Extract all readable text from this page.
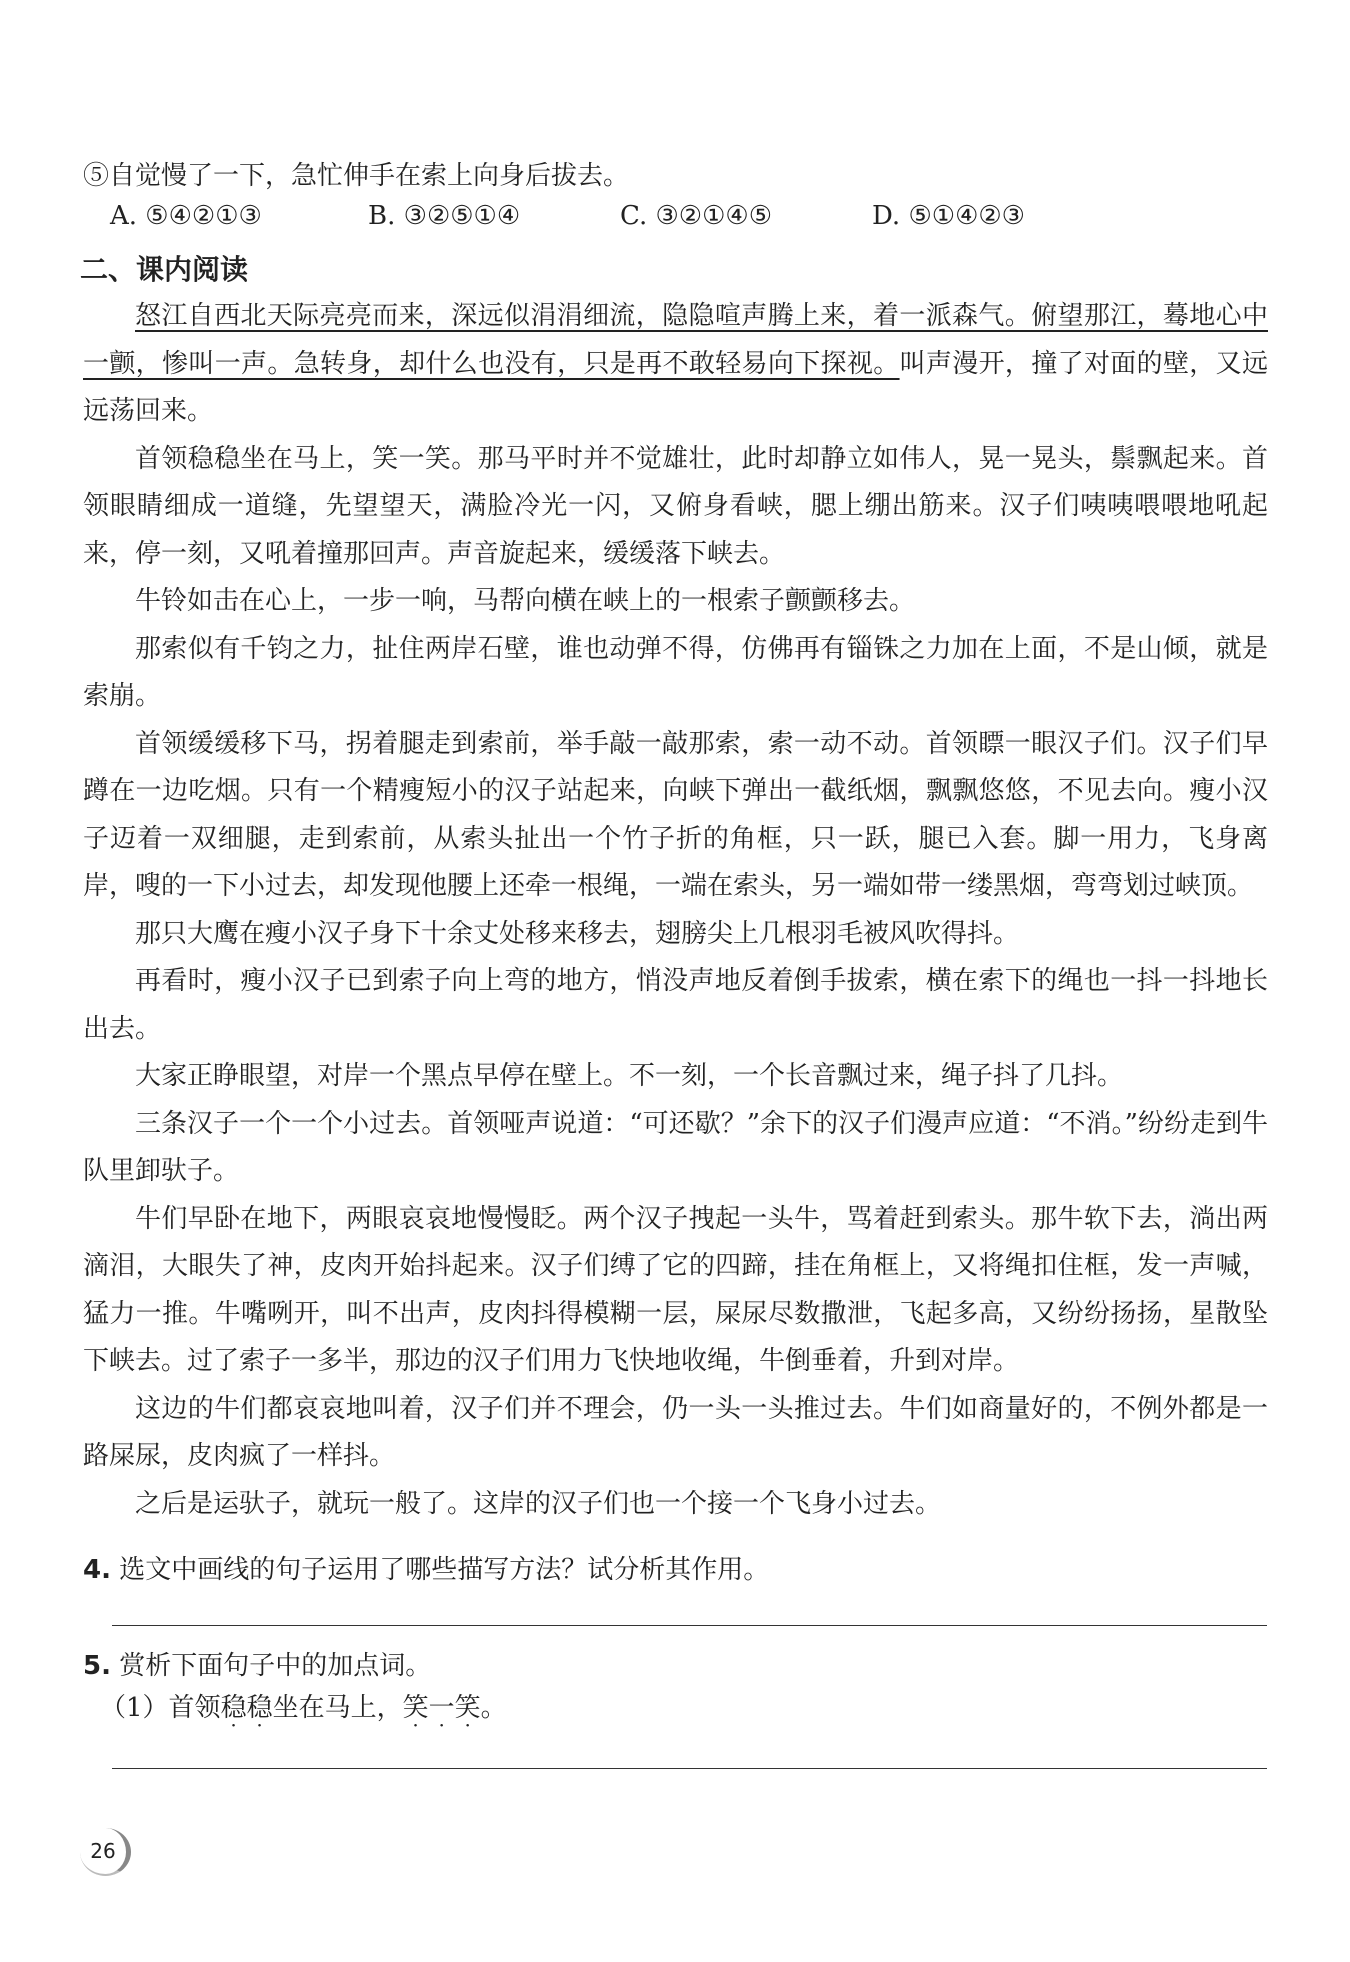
⑤自觉慢了一下，急忙伸手在索上向身后拔去。
A. ⑤④②①③	B. ③②⑤①④	C. ③②①④⑤	D. ⑤①④②③
二、课内阅读

怒江自西北天际亮亮而来，深远似涓涓细流，隐隐喧声腾上来，着一派森气。俯望那江，蓦地心中一颤，惨叫一声。急转身，却什么也没有，只是再不敢轻易向下探视。叫声漫开，撞了对面的壁，又远远荡回来。

首领稳稳坐在马上，笑一笑。那马平时并不觉雄壮，此时却静立如伟人，晃一晃头，鬃飘起来。首领眼睛细成一道缝，先望望天，满脸冷光一闪，又俯身看峡，腮上绷出筋来。汉子们咦咦喂喂地吼起来，停一刻，又吼着撞那回声。声音旋起来，缓缓落下峡去。

牛铃如击在心上，一步一响，马帮向横在峡上的一根索子颤颤移去。

那索似有千钧之力，扯住两岸石壁，谁也动弹不得，仿佛再有锱铢之力加在上面，不是山倾，就是索崩。

首领缓缓移下马，拐着腿走到索前，举手敲一敲那索，索一动不动。首领瞟一眼汉子们。汉子们早蹲在一边吃烟。只有一个精瘦短小的汉子站起来，向峡下弹出一截纸烟，飘飘悠悠，不见去向。瘦小汉子迈着一双细腿，走到索前，从索头扯出一个竹子折的角框，只一跃，腿已入套。脚一用力，飞身离岸，嗖的一下小过去，却发现他腰上还牵一根绳，一端在索头，另一端如带一缕黑烟，弯弯划过峡顶。

那只大鹰在瘦小汉子身下十余丈处移来移去，翅膀尖上几根羽毛被风吹得抖。

再看时，瘦小汉子已到索子向上弯的地方，悄没声地反着倒手拔索，横在索下的绳也一抖一抖地长出去。

大家正睁眼望，对岸一个黑点早停在壁上。不一刻，一个长音飘过来，绳子抖了几抖。

三条汉子一个一个小过去。首领哑声说道：“可还歇？”余下的汉子们漫声应道：“不消。”纷纷走到牛队里卸驮子。

牛们早卧在地下，两眼哀哀地慢慢眨。两个汉子拽起一头牛，骂着赶到索头。那牛软下去，淌出两滴泪，大眼失了神，皮肉开始抖起来。汉子们缚了它的四蹄，挂在角框上，又将绳扣住框，发一声喊，猛力一推。牛嘴咧开，叫不出声，皮肉抖得模糊一层，屎尿尽数撒泄，飞起多高，又纷纷扬扬，星散坠下峡去。过了索子一多半，那边的汉子们用力飞快地收绳，牛倒垂着，升到对岸。

这边的牛们都哀哀地叫着，汉子们并不理会，仍一头一头推过去。牛们如商量好的，不例外都是一路屎尿，皮肉疯了一样抖。

之后是运驮子，就玩一般了。这岸的汉子们也一个接一个飞身小过去。

4. 选文中画线的句子运用了哪些描写方法？试分析其作用。
5. 赏析下面句子中的加点词。
（1）首领稳稳坐在马上，笑一笑。
26
